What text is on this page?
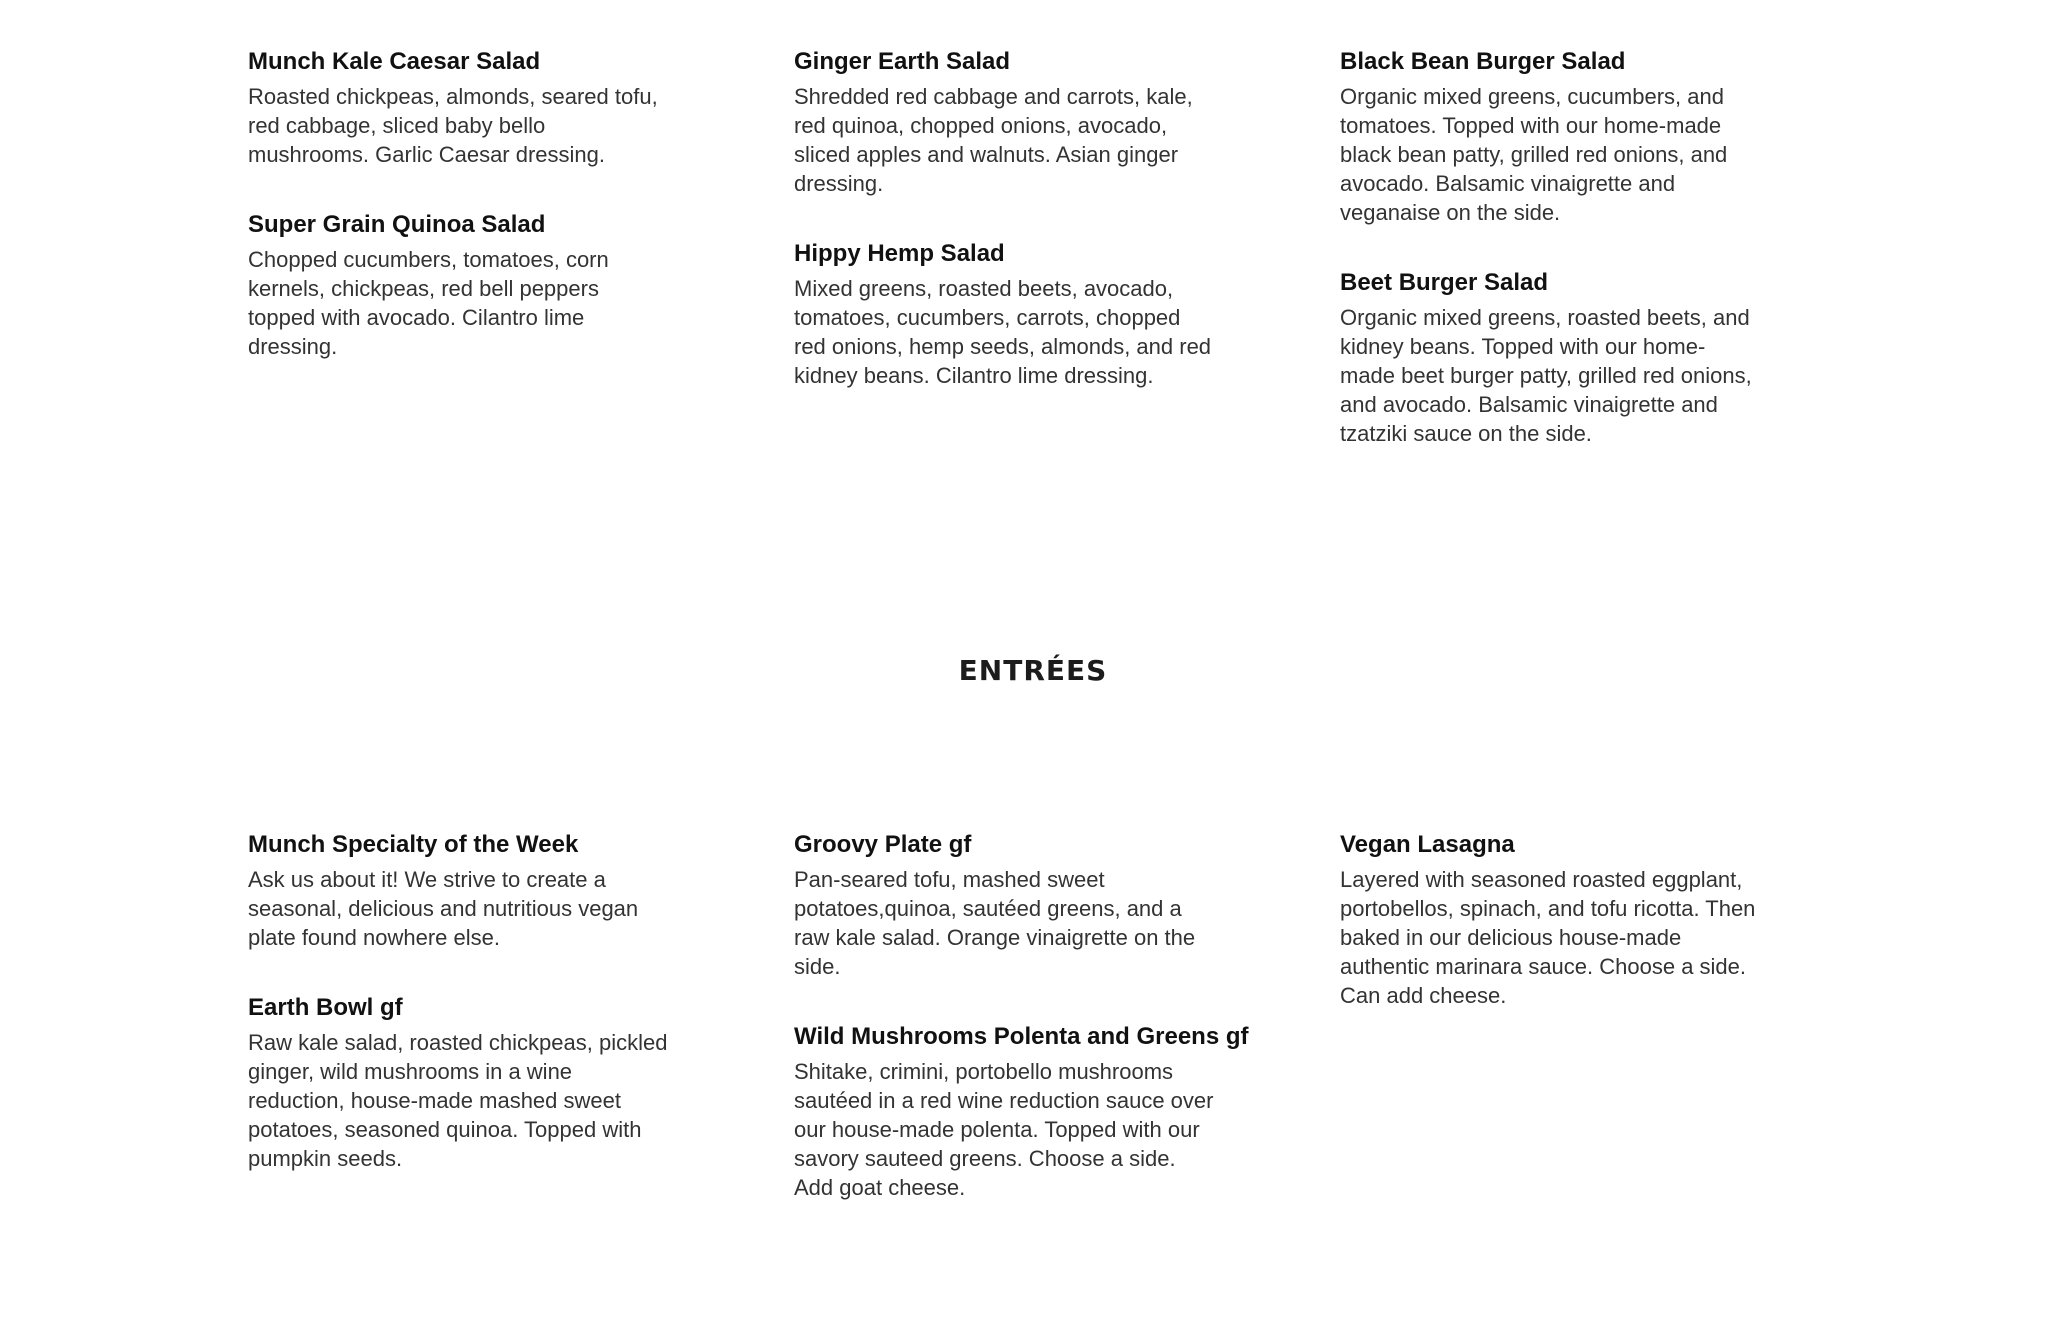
Munch Kale Caesar Salad

Roasted chickpeas, almonds, seared tofu, red cabbage, sliced baby bello mushrooms. Garlic Caesar dressing.

Super Grain Quinoa Salad

Chopped cucumbers, tomatoes, corn kernels, chickpeas, red bell peppers topped with avocado. Cilantro lime dressing.

Ginger Earth Salad

Shredded red cabbage and carrots, kale, red quinoa, chopped onions, avocado, sliced apples and walnuts. Asian ginger dressing.

Hippy Hemp Salad

Mixed greens, roasted beets, avocado, tomatoes, cucumbers, carrots, chopped red onions, hemp seeds, almonds, and red kidney beans. Cilantro lime dressing.

Black Bean Burger Salad

Organic mixed greens, cucumbers, and tomatoes. Topped with our home-made black bean patty, grilled red onions, and avocado. Balsamic vinaigrette and veganaise on the side.

Beet Burger Salad

Organic mixed greens, roasted beets, and kidney beans. Topped with our home-made beet burger patty, grilled red onions, and avocado. Balsamic vinaigrette and tzatziki sauce on the side.

ENTRÉES
Munch Specialty of the Week

Ask us about it! We strive to create a seasonal, delicious and nutritious vegan plate found nowhere else.

Earth Bowl gf

Raw kale salad, roasted chickpeas, pickled ginger, wild mushrooms in a wine reduction, house-made mashed sweet potatoes, seasoned quinoa. Topped with pumpkin seeds.

Groovy Plate gf

Pan-seared tofu, mashed sweet potatoes,quinoa, sautéed greens, and a raw kale salad. Orange vinaigrette on the side.

Wild Mushrooms Polenta and Greens gf

Shitake, crimini, portobello mushrooms sautéed in a red wine reduction sauce over our house-made polenta. Topped with our savory sauteed greens. Choose a side. Add goat cheese.

Vegan Lasagna

Layered with seasoned roasted eggplant, portobellos, spinach, and tofu ricotta. Then baked in our delicious house-made authentic marinara sauce. Choose a side. Can add cheese.
